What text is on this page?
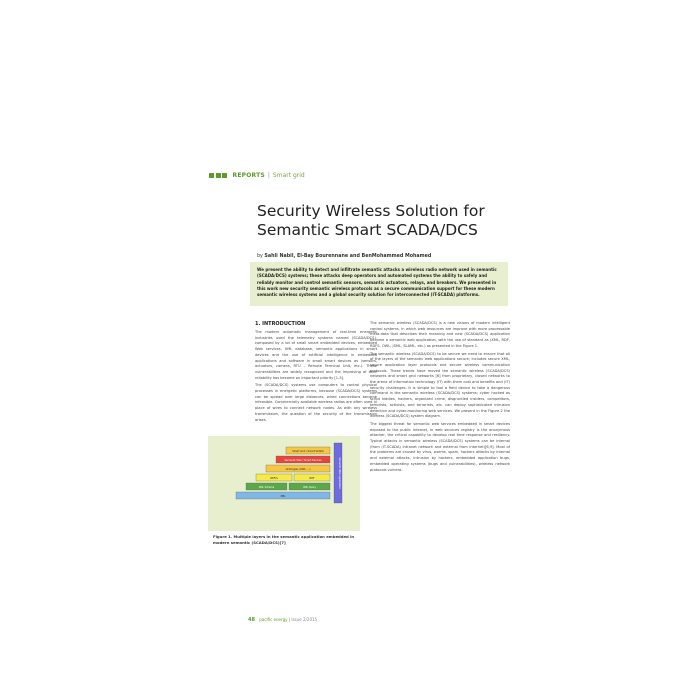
REPORTS | Smart grid
Security Wireless Solution for
Semantic Smart SCADA/DCS
by Sahli Nabil, El-Bay Bourennane and BenMohammed Mohamed
We present the ability to detect and infiltrate semantic attacks a wireless radio network used in semantic (SCADA/DCS) systems; these attacks deep operators and automated systems the ability to safely and reliably monitor and control semantic sensors, semantic actuators, relays, and breakers. We presented in this work new security semantic wireless protocols as a secure communication support for these modern semantic wireless systems and a global security solution for interconnected (IT-SCADA) platforms.
1. INTRODUCTION

The modern automatic management of real-time energetic industries used the telemetry systems named (SCADA/DCS), composed by a lot of small smart embedded devices, embedded Web services, XML database, semantic applications in smart devices and the use of artificial intelligence in embedded applications and software in small smart devices as (sensors, actuators, camera, RTU – Remote Terminal Unit, etc.). These vulnerabilities are widely recognized and the improving of their reliability has become an important priority [1-5].

The (SCADA/DCS) systems use computers to control physical processes in energetic platforms, because (SCADA/DCS) systems can be spread over large distances, wired connections become infeasible. Commercially available wireless radios are often used in place of wires to connect network nodes. As with any wireless transmission, the question of the security of the transmission arises.

The semantic wireless (SCADA/DCS) is a new visions of modern intelligent control systems, in which web resources are improve with more processable meta-data that describes their meaning and new (SCADA/DCS) application become a semantic web application, with the use of standard as (XML, RDF, RDFS, OWL, JSML, SLAML, etc.) as presented in the Figure 1.

The semantic wireless (SCADA/DCS) to be secure we need to ensure that all of the layers of the semantic web applications secure; includes secure XML, secure application layer protocols and secure wireless communication protocols. These trends have moved the semantic wireless (SCADA/DCS) networks and smart grid networks [6] from proprietary, closed networks to the arena of information technology (IT) with them cost and benefits and (IT) security challenges. It is simple to fool a field device to take a dangerous command in the semantic wireless (SCADA/DCS) systems; cyber hacked as script kiddies, hackers, organized crime, disgruntled insiders, competitors, terrorists, activists, and terrorists, etc. can deploy sophisticated intrusion detection and cyber-monitoring web services. We present in the Figure 2 the wireless (SCADA/DCS) system diagram.

The biggest threat for semantic web services embedded in smart devices exposed to the public internet, in web services registry is the anonymous attacker, the critical capability to develop real time response and resiliency. Typical attacks in semantic wireless (SCADA/DCS) systems can be internal (from (IT-SCADA) intranet network and external from internet)[6,9]. Most of the problems are caused by virus, worms, spam, hackers attacks by internal and external attacks, intrusion by hackers, embedded application bugs, embedded operating systems (bugs and vulnerabilities), wireless network protocols vulnera-

Smart Grid / Smart SCADA
Semantic Web / Smart Devices
Ontologies (OWL, ...)
RDF/S	RDF
XML Schema	XML Query
XML
Semantic Web Application
Figure 1. Multiple layers in the semantic application embedded in modern semantic (SCADA/DCS)[7]
48 pacific energy | Issue 2/2015
